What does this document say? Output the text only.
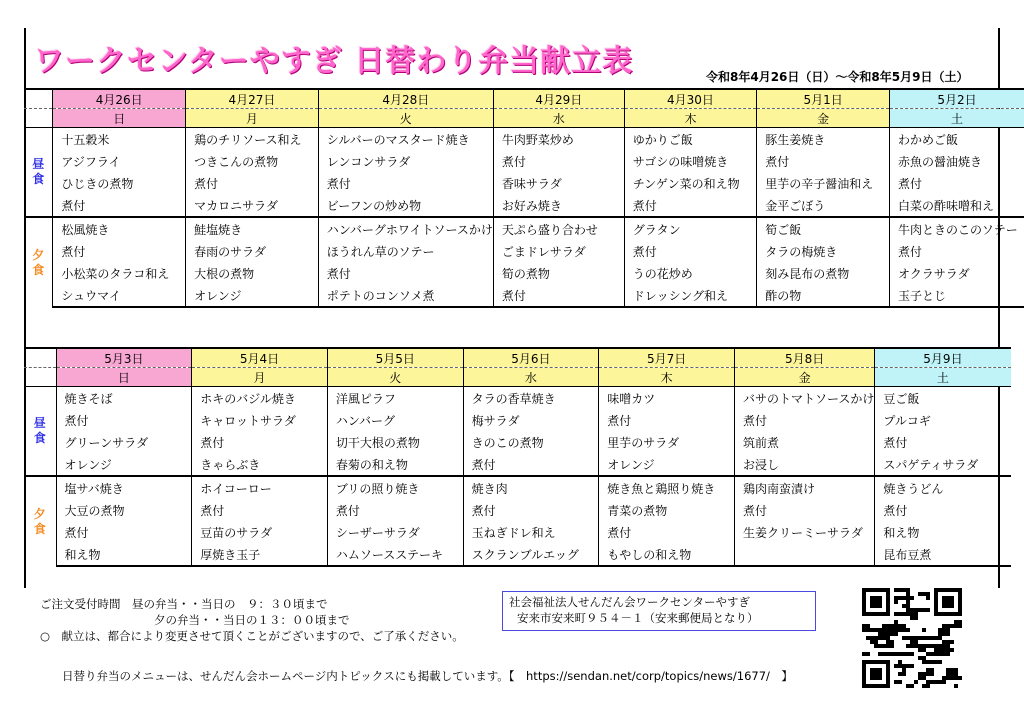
ワークセンターやすぎ 日替わり弁当献立表	令和8年4月26日（日）～令和8年5月9日（土）
	4月26日	4月27日	4月28日	4月29日	4月30日	5月1日	5月2日
	日	月	火	水	木	金	土
昼
食	十五穀米	鶏のチリソース和え	シルバーのマスタード焼き	牛肉野菜炒め	ゆかりご飯	豚生姜焼き	わかめご飯
	アジフライ	つきこんの煮物	レンコンサラダ	煮付	サゴシの味噌焼き	煮付	赤魚の醤油焼き
	ひじきの煮物	煮付	煮付	香味サラダ	チンゲン菜の和え物	里芋の辛子醤油和え	煮付
	煮付	マカロニサラダ	ビーフンの炒め物	お好み焼き	煮付	金平ごぼう	白菜の酢味噌和え
夕
食	松風焼き	鮭塩焼き	ハンバーグホワイトソースかけ	天ぷら盛り合わせ	グラタン	筍ご飯	牛肉ときのこのソテー
	煮付	春雨のサラダ	ほうれん草のソテー	ごまドレサラダ	煮付	タラの梅焼き	煮付
	小松菜のタラコ和え	大根の煮物	煮付	筍の煮物	うの花炒め	刻み昆布の煮物	オクラサラダ
	シュウマイ	オレンジ	ポテトのコンソメ煮	煮付	ドレッシング和え	酢の物	玉子とじ
	5月3日	5月4日	5月5日	5月6日	5月7日	5月8日	5月9日
	日	月	火	水	木	金	土
昼
食	焼きそば	ホキのバジル焼き	洋風ピラフ	タラの香草焼き	味噌カツ	バサのトマトソースかけ	豆ご飯
	煮付	キャロットサラダ	ハンバーグ	梅サラダ	煮付	煮付	プルコギ
	グリーンサラダ	煮付	切干大根の煮物	きのこの煮物	里芋のサラダ	筑前煮	煮付
	オレンジ	きゃらぶき	春菊の和え物	煮付	オレンジ	お浸し	スパゲティサラダ
夕
食	塩サバ焼き	ホイコーロー	ブリの照り焼き	焼き肉	焼き魚と鶏照り焼き	鶏肉南蛮漬け	焼きうどん
	大豆の煮物	煮付	煮付	煮付	青菜の煮物	煮付	煮付
	煮付	豆苗のサラダ	シーザーサラダ	玉ねぎドレ和え	煮付	生姜クリーミーサラダ	和え物
	和え物	厚焼き玉子	ハムソースステーキ	スクランブルエッグ	もやしの和え物		昆布豆煮
ご注文受付時間　昼の弁当・・当日の　９：３０頃まで
夕の弁当・・当日の１３：００頃まで
○　献立は、都合により変更させて頂くことがございますので、ご了承ください。
社会福祉法人せんだん会ワークセンターやすぎ
安来市安来町９５４－１（安来郵便局となり）
日替り弁当のメニューは、せんだん会ホームページ内トピックスにも掲載しています。【　https://sendan.net/corp/topics/news/1677/　】
